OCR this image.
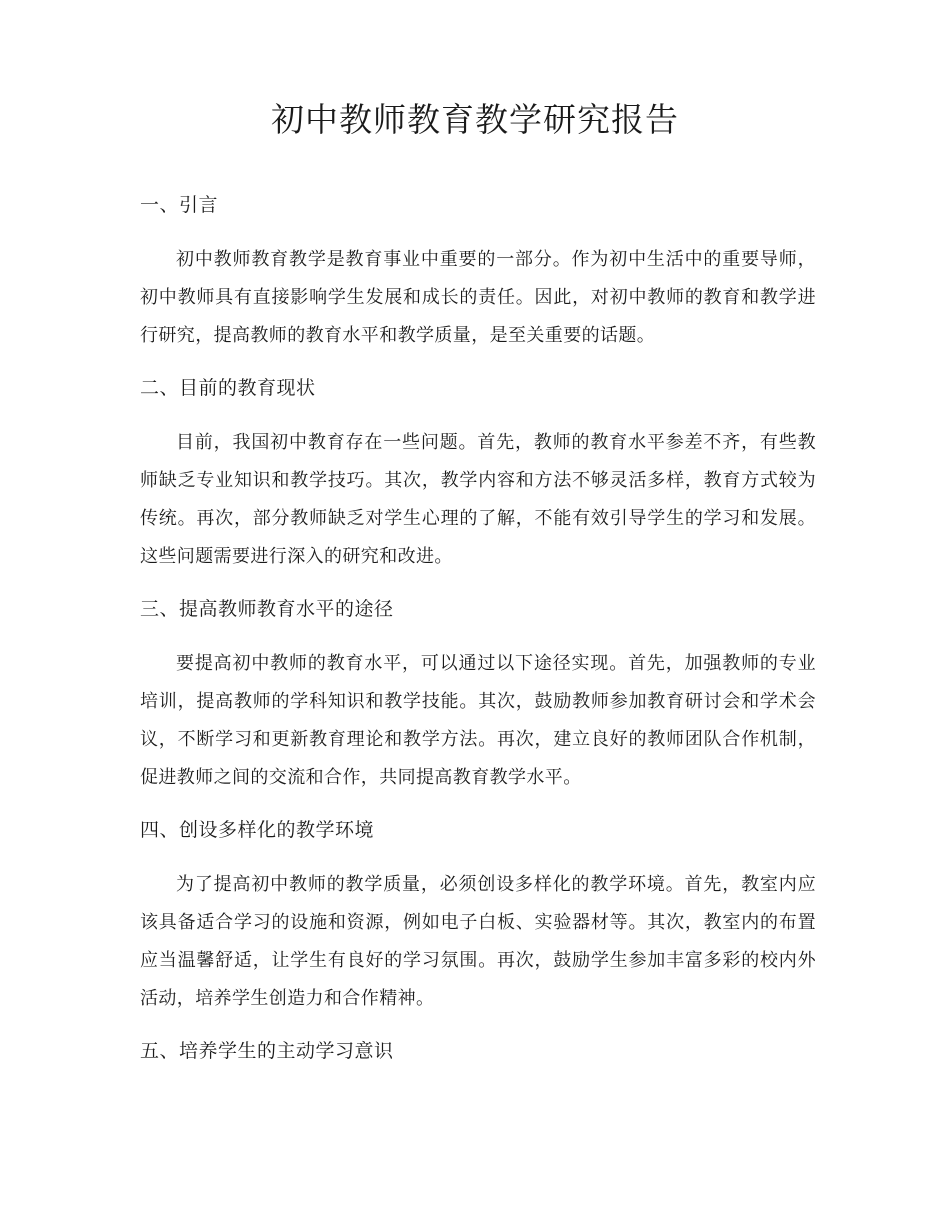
初中教师教育教学研究报告
一、引言

初中教师教育教学是教育事业中重要的一部分。作为初中生活中的重要导师，初中教师具有直接影响学生发展和成长的责任。因此，对初中教师的教育和教学进行研究，提高教师的教育水平和教学质量，是至关重要的话题。

二、目前的教育现状

目前，我国初中教育存在一些问题。首先，教师的教育水平参差不齐，有些教师缺乏专业知识和教学技巧。其次，教学内容和方法不够灵活多样，教育方式较为传统。再次，部分教师缺乏对学生心理的了解，不能有效引导学生的学习和发展。这些问题需要进行深入的研究和改进。

三、提高教师教育水平的途径

要提高初中教师的教育水平，可以通过以下途径实现。首先，加强教师的专业培训，提高教师的学科知识和教学技能。其次，鼓励教师参加教育研讨会和学术会议，不断学习和更新教育理论和教学方法。再次，建立良好的教师团队合作机制，促进教师之间的交流和合作，共同提高教育教学水平。

四、创设多样化的教学环境

为了提高初中教师的教学质量，必须创设多样化的教学环境。首先，教室内应该具备适合学习的设施和资源，例如电子白板、实验器材等。其次，教室内的布置应当温馨舒适，让学生有良好的学习氛围。再次，鼓励学生参加丰富多彩的校内外活动，培养学生创造力和合作精神。

五、培养学生的主动学习意识
